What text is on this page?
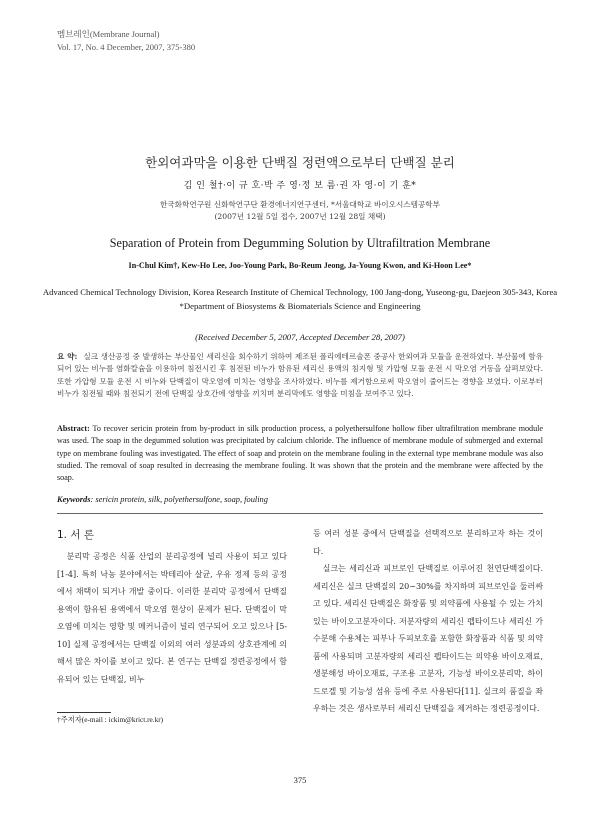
멤브레인(Membrane Journal)
Vol. 17, No. 4 December, 2007, 375-380
한외여과막을 이용한 단백질 정련액으로부터 단백질 분리
김 인 철†·이 규 호·박 주 영·정 보 름·권 자 영·이 기 훈*
한국화학연구원 신화학연구단 환경에너지연구센터, *서울대학교 바이오시스템공학부
(2007년 12월 5일 접수, 2007년 12월 28일 채택)
Separation of Protein from Degumming Solution by Ultrafiltration Membrane
In-Chul Kim†, Kew-Ho Lee, Joo-Young Park, Bo-Reum Jeong, Ja-Young Kwon, and Ki-Hoon Lee*
Advanced Chemical Technology Division, Korea Research Institute of Chemical Technology, 100 Jang-dong, Yuseong-gu, Daejeon 305-343, Korea
*Department of Biosystems & Biomaterials Science and Engineering
(Received December 5, 2007, Accepted December 28, 2007)
요 약: 실크 생산공정 중 발생하는 부산물인 세리신을 회수하기 위하여 제조된 폴리에테르술폰 중공사 한외여과 모듈을 운전하였다. 부산물에 함유되어 있는 비누를 염화칼슘을 이용하여 침전시킨 후 침전된 비누가 함유된 세리신 용액의 침지형 및 가압형 모듈 운전 시 막오염 거동을 살펴보았다. 또한 가압형 모듈 운전 시 비누와 단백질이 막오염에 미치는 영향을 조사하였다. 비누를 제거함으로써 막오염이 줄어드는 경향을 보였다. 이로부터 비누가 침전될 때와 침전되기 전에 단백질 상호간에 영향을 끼치며 분리막에도 영향을 미침을 보여주고 있다.
Abstract: To recover sericin protein from by-product in silk production process, a polyethersulfone hollow fiber ultrafiltration membrane module was used. The soap in the degummed solution was precipitated by calcium chloride. The influence of membrane module of submerged and external type on membrane fouling was investigated. The effect of soap and protein on the membrane fouling in the external type membrane module was also studied. The removal of soap resulted in decreasing the membrane fouling. It was shown that the protein and the membrane were affected by the soap.
Keywords: sericin protein, silk, polyethersulfone, soap, fouling
1. 서 론

분리막 공정은 식품 산업의 분리공정에 널리 사용이 되고 있다[1-4]. 특히 낙농 분야에서는 박테리아 살균, 우유 정제 등의 공정에서 채택이 되거나 개발 중이다. 이러한 분리막 공정에서 단백질 용액이 함유된 용액에서 막오염 현상이 문제가 된다. 단백질이 막오염에 미치는 영향 및 메커니즘이 널리 연구되어 오고 있으나 [5-10] 실제 공정에서는 단백질 이외의 여러 성분과의 상호관계에 의해서 많은 차이를 보이고 있다. 본 연구는 단백질 정련공정에서 함유되어 있는 단백질, 비누

등 여러 성분 중에서 단백질을 선택적으로 분리하고자 하는 것이다.

실크는 세리신과 피브로인 단백질로 이루어진 천연단백질이다. 세리신은 실크 단백질의 20∼30%를 차지하며 피브로인을 둘러싸고 있다. 세리신 단백질은 화장품 및 의약품에 사용될 수 있는 가치 있는 바이오고분자이다. 저분자량의 세리신 펩타이드나 세리신 가수분해 수용체는 피부나 두피보호를 포함한 화장품과 식품 및 의약품에 사용되며 고분자량의 세리신 펩타이드는 의약용 바이오재료, 생분해성 바이오재료, 구조용 고분자, 기능성 바이오분리막, 하이드로겔 및 기능성 섬유 등에 주로 사용된다[11]. 실크의 품질을 좌우하는 것은 생사로부터 세리신 단백질을 제거하는 정련공정이다.

†주저자(e-mail : ickim@krict.re.kr)
375
